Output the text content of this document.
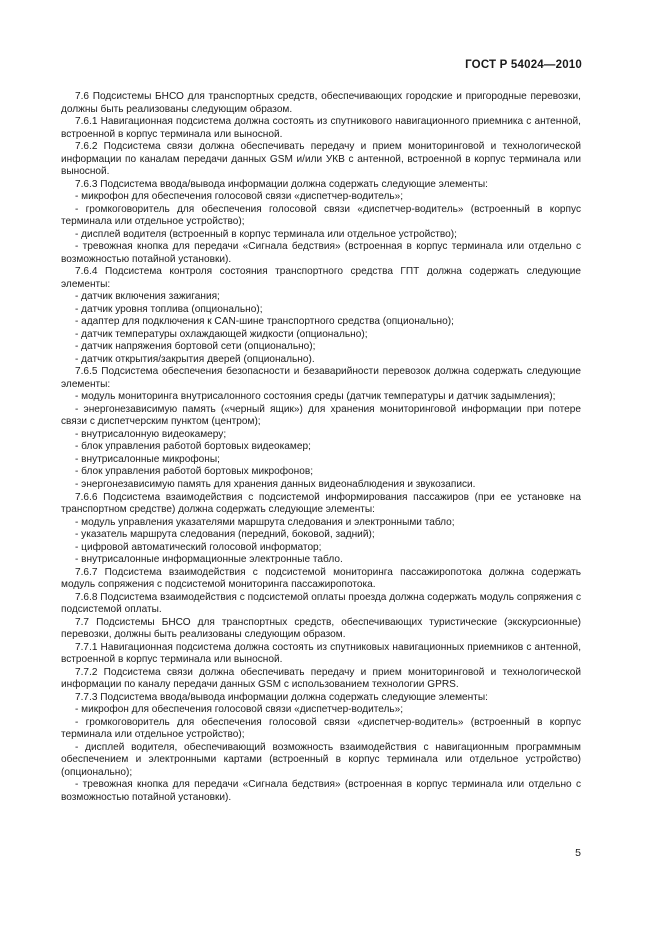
ГОСТ Р 54024—2010

7.6 Подсистемы БНСО для транспортных средств, обеспечивающих городские и пригородные перевозки, должны быть реализованы следующим образом.

7.6.1 Навигационная подсистема должна состоять из спутникового навигационного приемника с антенной, встроенной в корпус терминала или выносной.

7.6.2 Подсистема связи должна обеспечивать передачу и прием мониторинговой и технологической информации по каналам передачи данных GSM и/или УКВ с антенной, встроенной в корпус терминала или выносной.

7.6.3 Подсистема ввода/вывода информации должна содержать следующие элементы:

- микрофон для обеспечения голосовой связи «диспетчер-водитель»;

- громкоговоритель для обеспечения голосовой связи «диспетчер-водитель» (встроенный в корпус терминала или отдельное устройство);

- дисплей водителя (встроенный в корпус терминала или отдельное устройство);

- тревожная кнопка для передачи «Сигнала бедствия» (встроенная в корпус терминала или отдельно с возможностью потайной установки).

7.6.4 Подсистема контроля состояния транспортного средства ГПТ должна содержать следующие элементы:

- датчик включения зажигания;

- датчик уровня топлива (опционально);

- адаптер для подключения к CAN-шине транспортного средства (опционально);

- датчик температуры охлаждающей жидкости (опционально);

- датчик напряжения бортовой сети (опционально);

- датчик открытия/закрытия дверей (опционально).

7.6.5 Подсистема обеспечения безопасности и безаварийности перевозок должна содержать следующие элементы:

- модуль мониторинга внутрисалонного состояния среды (датчик температуры и датчик задымления);

- энергонезависимую память («черный ящик») для хранения мониторинговой информации при потере связи с диспетчерским пунктом (центром);

- внутрисалонную видеокамеру;

- блок управления работой бортовых видеокамер;

- внутрисалонные микрофоны;

- блок управления работой бортовых микрофонов;

- энергонезависимую память для хранения данных видеонаблюдения и звукозаписи.

7.6.6 Подсистема взаимодействия с подсистемой информирования пассажиров (при ее установке на транспортном средстве) должна содержать следующие элементы:

- модуль управления указателями маршрута следования и электронными табло;

- указатель маршрута следования (передний, боковой, задний);

- цифровой автоматический голосовой информатор;

- внутрисалонные информационные электронные табло.

7.6.7 Подсистема взаимодействия с подсистемой мониторинга пассажиропотока должна содержать модуль сопряжения с подсистемой мониторинга пассажиропотока.

7.6.8 Подсистема взаимодействия с подсистемой оплаты проезда должна содержать модуль сопряжения с подсистемой оплаты.

7.7 Подсистемы БНСО для транспортных средств, обеспечивающих туристические (экскурсионные) перевозки, должны быть реализованы следующим образом.

7.7.1 Навигационная подсистема должна состоять из спутниковых навигационных приемников с антенной, встроенной в корпус терминала или выносной.

7.7.2 Подсистема связи должна обеспечивать передачу и прием мониторинговой и технологической информации по каналу передачи данных GSM с использованием технологии GPRS.

7.7.3 Подсистема ввода/вывода информации должна содержать следующие элементы:

- микрофон для обеспечения голосовой связи «диспетчер-водитель»;

- громкоговоритель для обеспечения голосовой связи «диспетчер-водитель» (встроенный в корпус терминала или отдельное устройство);

- дисплей водителя, обеспечивающий возможность взаимодействия с навигационным программным обеспечением и электронными картами (встроенный в корпус терминала или отдельное устройство) (опционально);

- тревожная кнопка для передачи «Сигнала бедствия» (встроенная в корпус терминала или отдельно с возможностью потайной установки).

5
